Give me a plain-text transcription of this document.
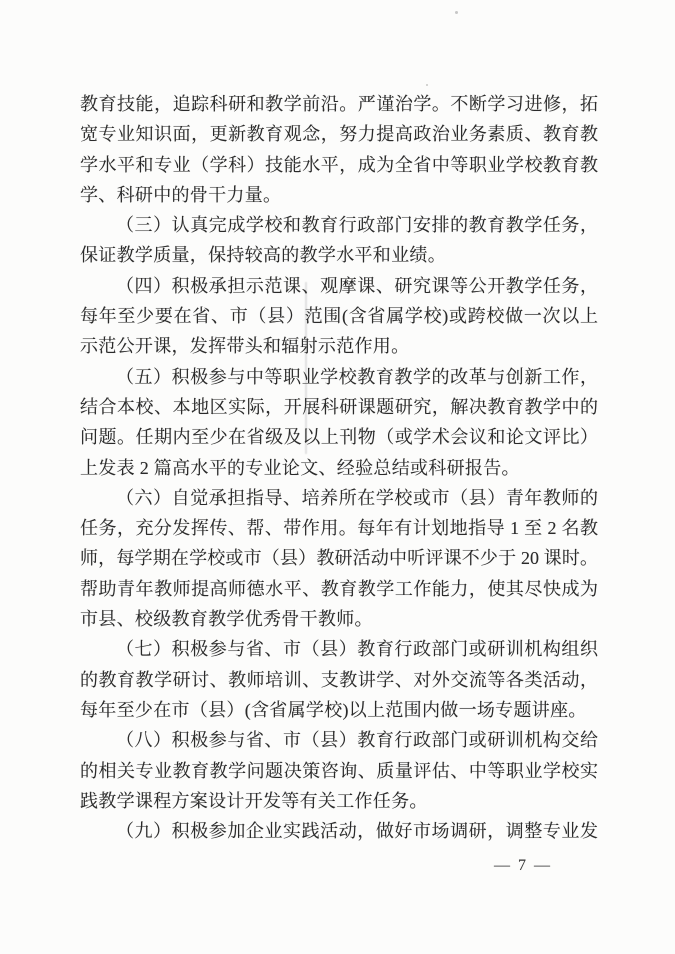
教育技能，追踪科研和教学前沿。严谨治学。不断学习进修，拓
宽专业知识面，更新教育观念，努力提高政治业务素质、教育教
学水平和专业（学科）技能水平，成为全省中等职业学校教育教
学、科研中的骨干力量。
（三）认真完成学校和教育行政部门安排的教育教学任务，
保证教学质量，保持较高的教学水平和业绩。
（四）积极承担示范课、观摩课、研究课等公开教学任务，
每年至少要在省、市（县）范围(含省属学校)或跨校做一次以上
示范公开课，发挥带头和辐射示范作用。
（五）积极参与中等职业学校教育教学的改革与创新工作，
结合本校、本地区实际，开展科研课题研究，解决教育教学中的
问题。任期内至少在省级及以上刊物（或学术会议和论文评比）
上发表 2 篇高水平的专业论文、经验总结或科研报告。
（六）自觉承担指导、培养所在学校或市（县）青年教师的
任务，充分发挥传、帮、带作用。每年有计划地指导 1 至 2 名教
师，每学期在学校或市（县）教研活动中听评课不少于 20 课时。
帮助青年教师提高师德水平、教育教学工作能力，使其尽快成为
市县、校级教育教学优秀骨干教师。
（七）积极参与省、市（县）教育行政部门或研训机构组织
的教育教学研讨、教师培训、支教讲学、对外交流等各类活动，
每年至少在市（县）(含省属学校)以上范围内做一场专题讲座。
（八）积极参与省、市（县）教育行政部门或研训机构交给
的相关专业教育教学问题决策咨询、质量评估、中等职业学校实
践教学课程方案设计开发等有关工作任务。
（九）积极参加企业实践活动，做好市场调研，调整专业发
— 7 —
